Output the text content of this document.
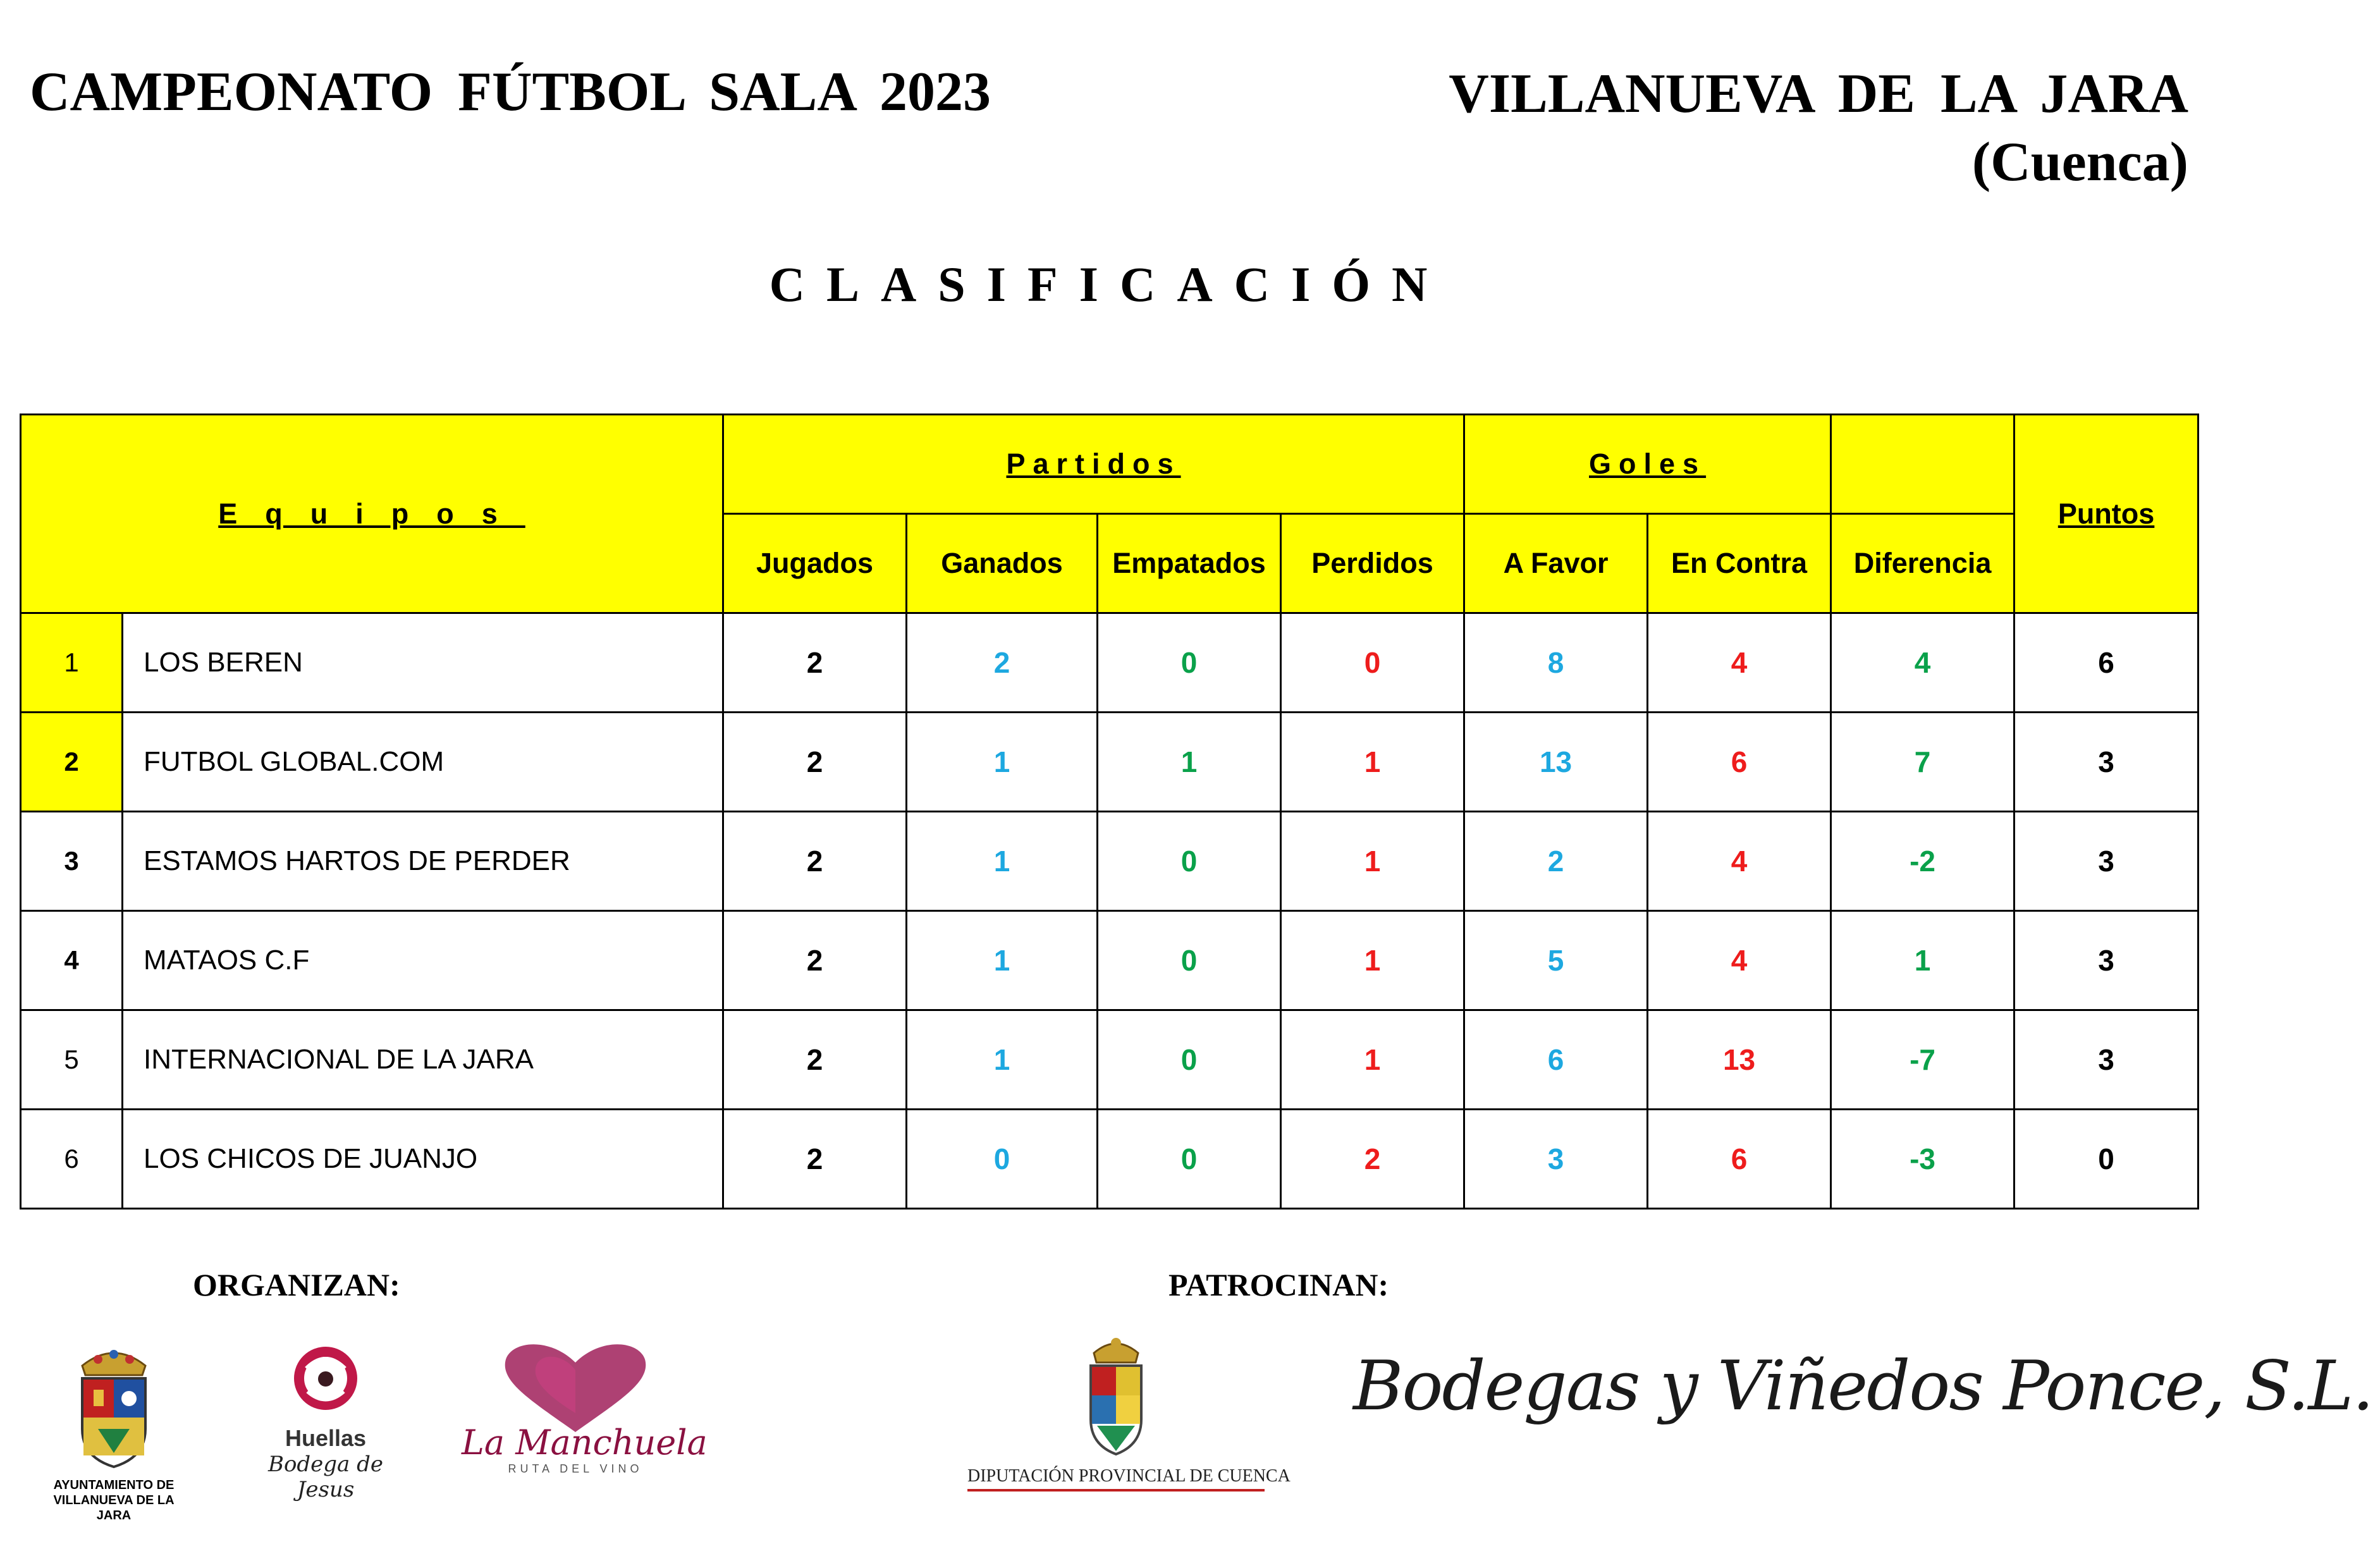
CAMPEONATO FÚTBOL SALA 2023	VILLANUEVA DE LA JARA
(Cuenca)
CLASIFICACIÓN
Equipos		Partidos				Goles			Puntos
		Jugados	Ganados	Empatados	Perdidos	A Favor	En Contra	Diferencia	
1	LOS BEREN	2	2	0	0	8	4	4	6
2	FUTBOL GLOBAL.COM	2	1	1	1	13	6	7	3
3	ESTAMOS HARTOS DE PERDER	2	1	0	1	2	4	-2	3
4	MATAOS C.F	2	1	0	1	5	4	1	3
5	INTERNACIONAL DE LA JARA	2	1	0	1	6	13	-7	3
6	LOS CHICOS DE JUANJO	2	0	0	2	3	6	-3	0
ORGANIZAN:	PATROCINAN:
AYUNTAMIENTO DE
VILLANUEVA DE LA JARA
Huellas
Bodega de Jesus
La Manchuela
RUTA DEL VINO	DIPUTACIÓN PROVINCIAL DE CUENCA
Bodegas y Viñedos Ponce, S.L.
